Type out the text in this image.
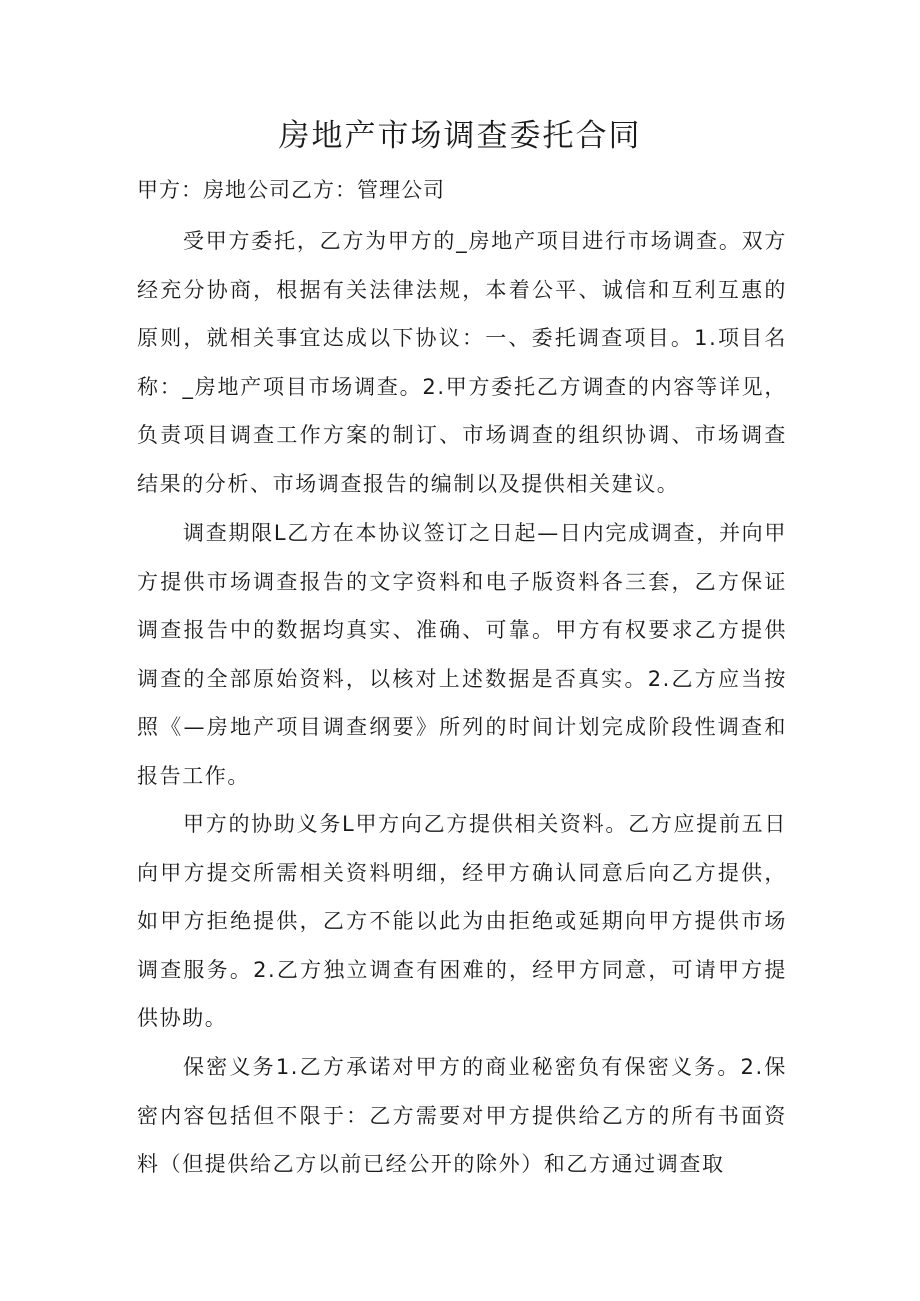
房地产市场调查委托合同

甲方：房地公司乙方：管理公司

受甲方委托，乙方为甲方的_房地产项目进行市场调查。双方经充分协商，根据有关法律法规，本着公平、诚信和互利互惠的原则，就相关事宜达成以下协议：一、委托调查项目。1.项目名称：_房地产项目市场调查。2.甲方委托乙方调查的内容等详见，负责项目调查工作方案的制订、市场调查的组织协调、市场调查结果的分析、市场调查报告的编制以及提供相关建议。

调查期限L乙方在本协议签订之日起—日内完成调查，并向甲方提供市场调查报告的文字资料和电子版资料各三套，乙方保证调查报告中的数据均真实、准确、可靠。甲方有权要求乙方提供调查的全部原始资料，以核对上述数据是否真实。2.乙方应当按照《—房地产项目调查纲要》所列的时间计划完成阶段性调查和报告工作。

甲方的协助义务L甲方向乙方提供相关资料。乙方应提前五日向甲方提交所需相关资料明细，经甲方确认同意后向乙方提供，如甲方拒绝提供，乙方不能以此为由拒绝或延期向甲方提供市场调查服务。2.乙方独立调查有困难的，经甲方同意，可请甲方提供协助。

保密义务1.乙方承诺对甲方的商业秘密负有保密义务。2.保密内容包括但不限于：乙方需要对甲方提供给乙方的所有书面资料（但提供给乙方以前已经公开的除外）和乙方通过调查取
